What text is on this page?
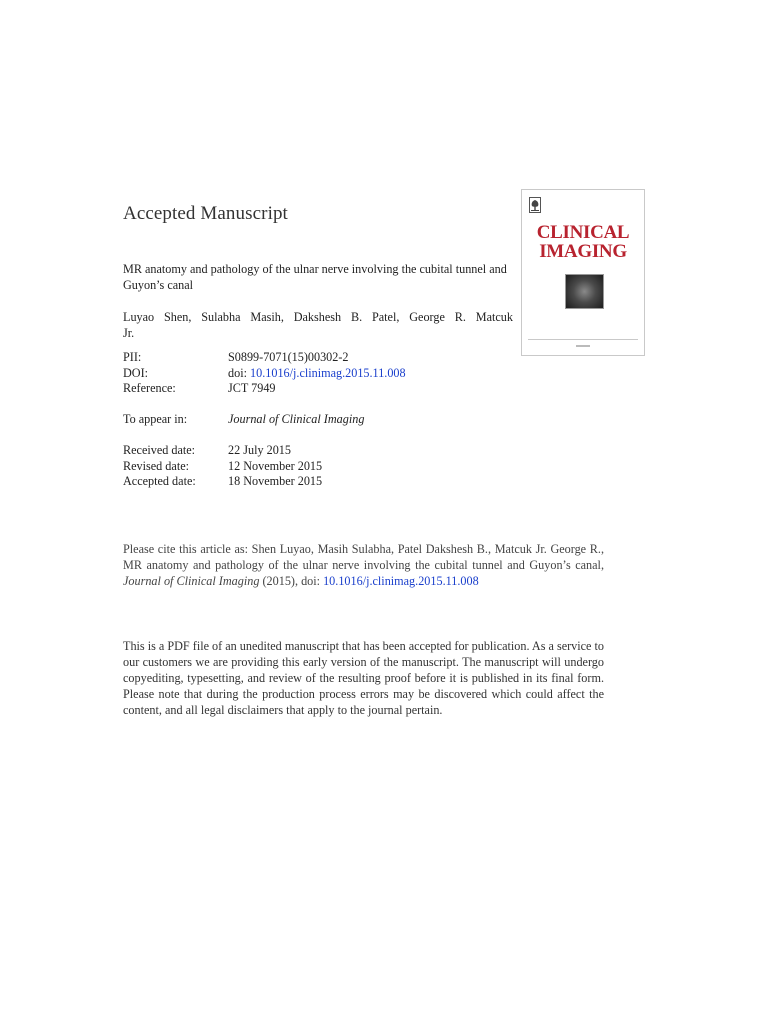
Accepted Manuscript
MR anatomy and pathology of the ulnar nerve involving the cubital tunnel and Guyon’s canal
Luyao Shen, Sulabha Masih, Dakshesh B. Patel, George R. Matcuk
Jr.
PII:	S0899-7071(15)00302-2
DOI:	doi: 10.1016/j.clinimag.2015.11.008
Reference:	JCT 7949
To appear in:	Journal of Clinical Imaging
Received date:	22 July 2015
Revised date:	12 November 2015
Accepted date:	18 November 2015
Please cite this article as: Shen Luyao, Masih Sulabha, Patel Dakshesh B., Matcuk Jr. George R., MR anatomy and pathology of the ulnar nerve involving the cubital tunnel and Guyon’s canal, Journal of Clinical Imaging (2015), doi: 10.1016/j.clinimag.2015.11.008
This is a PDF file of an unedited manuscript that has been accepted for publication. As a service to our customers we are providing this early version of the manuscript. The manuscript will undergo copyediting, typesetting, and review of the resulting proof before it is published in its final form. Please note that during the production process errors may be discovered which could affect the content, and all legal disclaimers that apply to the journal pertain.
CLINICAL
IMAGING
